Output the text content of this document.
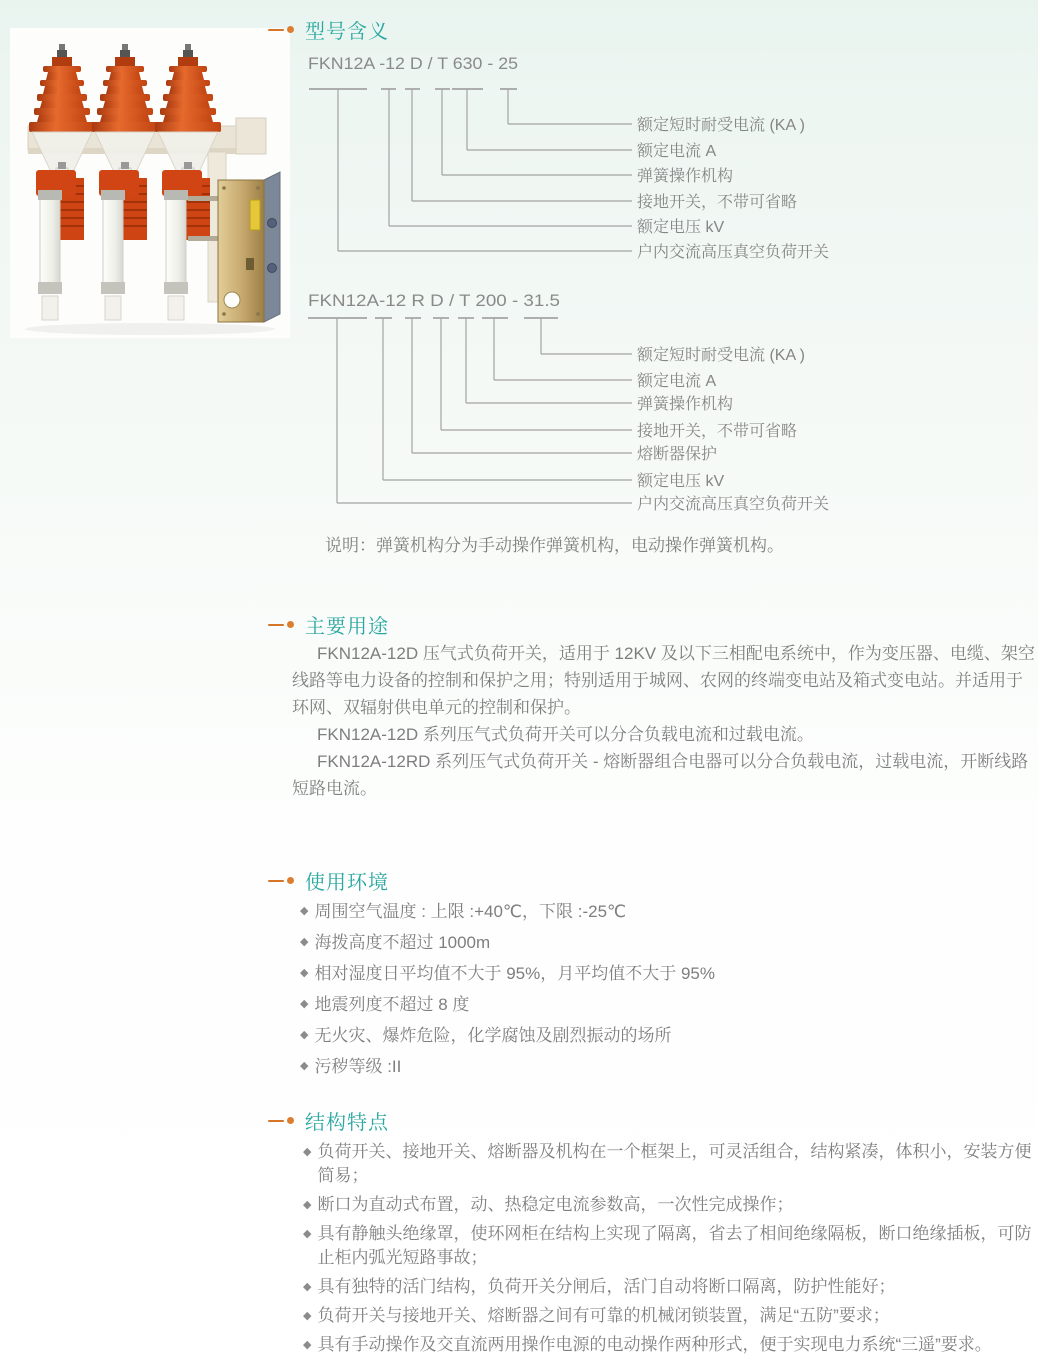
型号含义
FKN12A -12 D / T 630 - 25
额定短时耐受电流 (KA )
额定电流 A
弹簧操作机构
接地开关，不带可省略
额定电压 kV
户内交流高压真空负荷开关
FKN12A-12 R D / T 200 - 31.5
额定短时耐受电流 (KA )
额定电流 A
弹簧操作机构
接地开关，不带可省略
熔断器保护
额定电压 kV
户内交流高压真空负荷开关

说明：弹簧机构分为手动操作弹簧机构，电动操作弹簧机构。

主要用途

FKN12A-12D 压气式负荷开关，适用于 12KV 及以下三相配电系统中，作为变压器、电缆、架空线路等电力设备的控制和保护之用；特别适用于城网、农网的终端变电站及箱式变电站。并适用于环网、双辐射供电单元的控制和保护。

FKN12A-12D 系列压气式负荷开关可以分合负载电流和过载电流。

FKN12A-12RD 系列压气式负荷开关 - 熔断器组合电器可以分合负载电流，过载电流，开断线路短路电流。

使用环境
◆ 周围空气温度 : 上限 :+40℃，下限 :-25℃
◆ 海拨高度不超过 1000m
◆ 相对湿度日平均值不大于 95%，月平均值不大于 95%
◆ 地震列度不超过 8 度
◆ 无火灾、爆炸危险，化学腐蚀及剧烈振动的场所
◆ 污秽等级 :II
结构特点
◆ 负荷开关、接地开关、熔断器及机构在一个框架上，可灵活组合，结构紧凑，体积小，安装方便简易；
◆ 断口为直动式布置，动、热稳定电流参数高，一次性完成操作；
◆ 具有静触头绝缘罩，使环网柜在结构上实现了隔离，省去了相间绝缘隔板，断口绝缘插板，可防止柜内弧光短路事故；
◆ 具有独特的活门结构，负荷开关分闸后，活门自动将断口隔离，防护性能好；
◆ 负荷开关与接地开关、熔断器之间有可靠的机械闭锁装置，满足“五防”要求；
◆ 具有手动操作及交直流两用操作电源的电动操作两种形式，便于实现电力系统“三遥”要求。
